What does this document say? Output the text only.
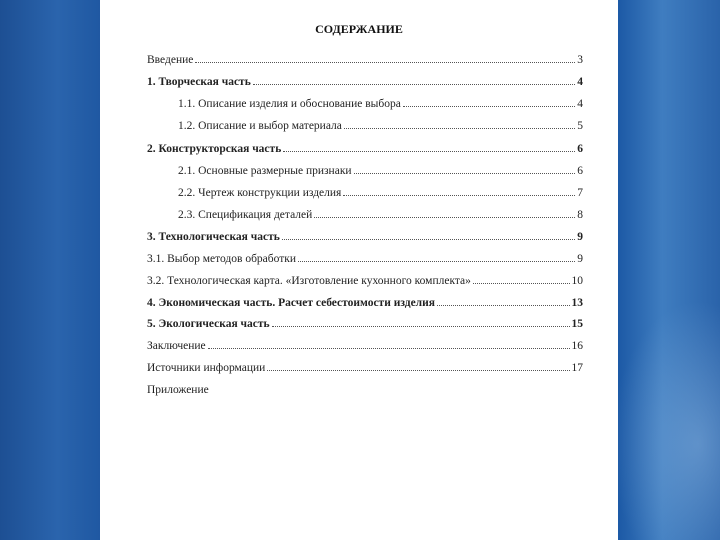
СОДЕРЖАНИЕ
Введение	3
1. Творческая часть	4
1.1. Описание изделия и обоснование выбора	4
1.2. Описание и выбор материала	5
2. Конструкторская часть	6
2.1. Основные размерные признаки	6
2.2. Чертеж конструкции изделия	7
2.3. Спецификация деталей	8
3. Технологическая часть	9
3.1. Выбор методов обработки	9
3.2. Технологическая карта. «Изготовление кухонного комплекта»	10
4. Экономическая часть. Расчет себестоимости изделия	13
5. Экологическая часть	15
Заключение	16
Источники информации	17
Приложение
